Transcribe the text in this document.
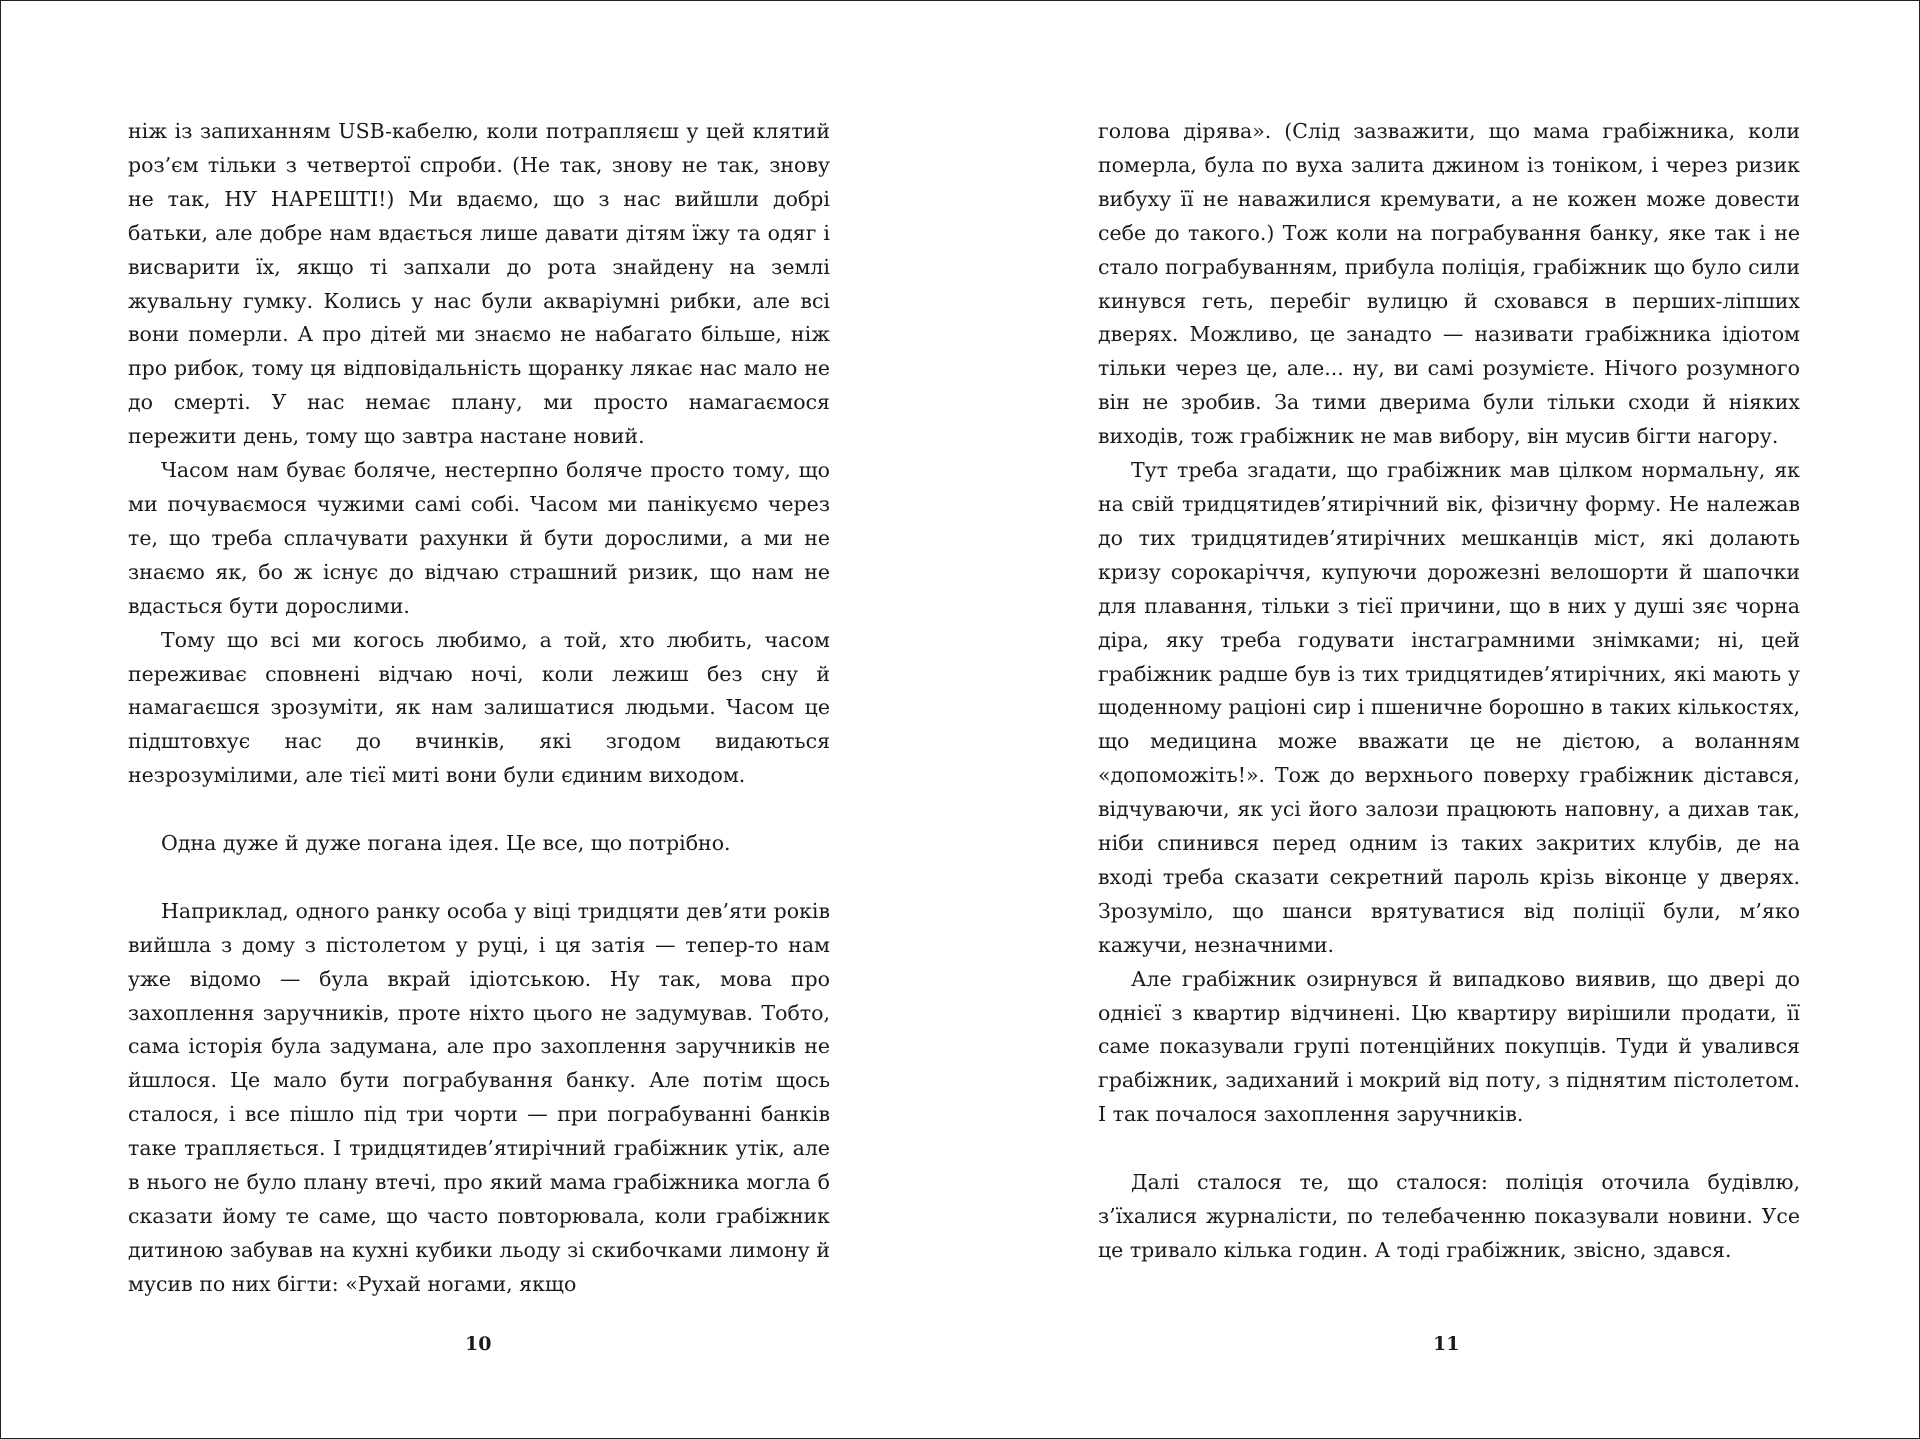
ніж із запиханням USB-кабелю, коли потрапляєш у цей клятий роз’єм тільки з четвертої спроби. (Не так, знову не так, знову не так, НУ НАРЕШТІ!) Ми вдаємо, що з нас вийшли добрі батьки, але добре нам вдається лише давати дітям їжу та одяг і висварити їх, якщо ті запхали до рота знайдену на землі жувальну гумку. Колись у нас були акваріумні рибки, але всі вони померли. А про дітей ми знаємо не набагато більше, ніж про рибок, тому ця відповідальність щоранку лякає нас мало не до смерті. У нас немає плану, ми просто намагаємося пережити день, тому що завтра настане новий.

Часом нам буває боляче, нестерпно боляче просто тому, що ми почуваємося чужими самі собі. Часом ми панікуємо через те, що треба сплачувати рахунки й бути дорослими, а ми не знаємо як, бо ж існує до відчаю страшний ризик, що нам не вдасться бути дорослими.

Тому що всі ми когось любимо, а той, хто любить, часом переживає сповнені відчаю ночі, коли лежиш без сну й намагаєшся зрозуміти, як нам залишатися людьми. Часом це підштовхує нас до вчинків, які згодом видаються незрозумілими, але тієї миті вони були єдиним виходом.

Одна дуже й дуже погана ідея. Це все, що потрібно.

Наприклад, одного ранку особа у віці тридцяти дев’яти років вийшла з дому з пістолетом у руці, і ця затія — тепер-то нам уже відомо — була вкрай ідіотською. Ну так, мова про захоплення заручників, проте ніхто цього не задумував. Тобто, сама історія була задумана, але про захоплення заручників не йшлося. Це мало бути пограбування банку. Але потім щось сталося, і все пішло під три чорти — при пограбуванні банків таке трапляється. І тридцятидев’ятирічний грабіжник утік, але в нього не було плану втечі, про який мама грабіжника могла б сказати йому те саме, що часто повторювала, коли грабіжник дитиною забував на кухні кубики льоду зі скибочками лимону й мусив по них бігти: «Рухай ногами, якщо

10

голова дірява». (Слід зазважити, що мама грабіжника, коли померла, була по вуха залита джином із тоніком, і через ризик вибуху її не наважилися кремувати, а не кожен може довести себе до такого.) Тож коли на пограбування банку, яке так і не стало пограбуванням, прибула поліція, грабіжник що було сили кинувся геть, перебіг вулицю й сховався в перших-ліпших дверях. Можливо, це занадто — називати грабіжника ідіотом тільки через це, але... ну, ви самі розумієте. Нічого розумного він не зробив. За тими дверима були тільки сходи й ніяких виходів, тож грабіжник не мав вибору, він мусив бігти нагору.

Тут треба згадати, що грабіжник мав цілком нормальну, як на свій тридцятидев’ятирічний вік, фізичну форму. Не належав до тих тридцятидев’ятирічних мешканців міст, які долають кризу сорокаріччя, купуючи дорожезні велошорти й шапочки для плавання, тільки з тієї причини, що в них у душі зяє чорна діра, яку треба годувати інстаграмними знімками; ні, цей грабіжник радше був із тих тридцятидев’ятирічних, які мають у щоденному раціоні сир і пшеничне борошно в таких кількостях, що медицина може вважати це не дієтою, а воланням «допоможіть!». Тож до верхнього поверху грабіжник дістався, відчуваючи, як усі його залози працюють наповну, а дихав так, ніби спинився перед одним із таких закритих клубів, де на вході треба сказати секретний пароль крізь віконце у дверях. Зрозуміло, що шанси врятуватися від поліції були, м’яко кажучи, незначними.

Але грабіжник озирнувся й випадково виявив, що двері до однієї з квартир відчинені. Цю квартиру вирішили продати, її саме показували групі потенційних покупців. Туди й увалився грабіжник, задиханий і мокрий від поту, з піднятим пістолетом. І так почалося захоплення заручників.

Далі сталося те, що сталося: поліція оточила будівлю, з’їхалися журналісти, по телебаченню показували новини. Усе це тривало кілька годин. А тоді грабіжник, звісно, здався.

11
